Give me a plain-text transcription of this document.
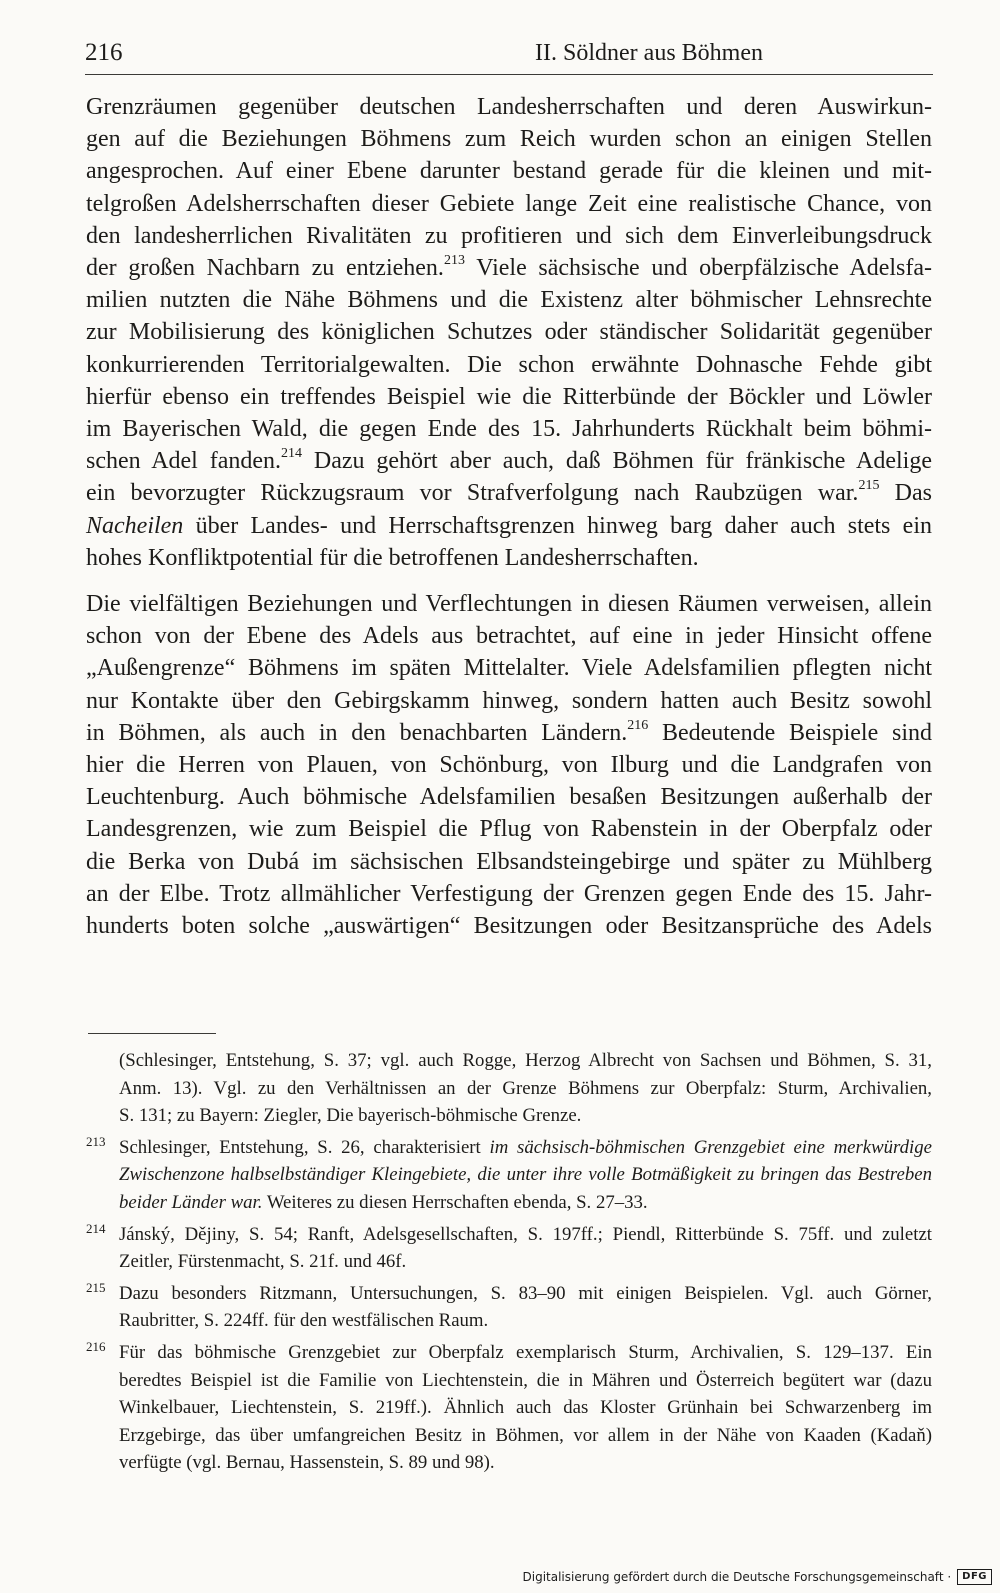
216	II. Söldner aus Böhmen

Grenzräumen gegenüber deutschen Landesherrschaften und deren Auswirkun-
gen auf die Beziehungen Böhmens zum Reich wurden schon an einigen Stellen
angesprochen. Auf einer Ebene darunter bestand gerade für die kleinen und mit-
telgroßen Adelsherrschaften dieser Gebiete lange Zeit eine realistische Chance, von
den landesherrlichen Rivalitäten zu profitieren und sich dem Einverleibungsdruck
der großen Nachbarn zu entziehen.$^{213}$ Viele sächsische und oberpfälzische Adelsfa-
milien nutzten die Nähe Böhmens und die Existenz alter böhmischer Lehnsrechte
zur Mobilisierung des königlichen Schutzes oder ständischer Solidarität gegenüber
konkurrierenden Territorialgewalten. Die schon erwähnte Dohnasche Fehde gibt
hierfür ebenso ein treffendes Beispiel wie die Ritterbünde der Böckler und Löwler
im Bayerischen Wald, die gegen Ende des 15. Jahrhunderts Rückhalt beim böhmi-
schen Adel fanden.$^{214}$ Dazu gehört aber auch, daß Böhmen für fränkische Adelige
ein bevorzugter Rückzugsraum vor Strafverfolgung nach Raubzügen war.$^{215}$ Das
Nacheilen über Landes- und Herrschaftsgrenzen hinweg barg daher auch stets ein
hohes Konfliktpotential für die betroffenen Landesherrschaften.

Die vielfältigen Beziehungen und Verflechtungen in diesen Räumen verweisen, allein
schon von der Ebene des Adels aus betrachtet, auf eine in jeder Hinsicht offene
„Außengrenze“ Böhmens im späten Mittelalter. Viele Adelsfamilien pflegten nicht
nur Kontakte über den Gebirgskamm hinweg, sondern hatten auch Besitz sowohl
in Böhmen, als auch in den benachbarten Ländern.$^{216}$ Bedeutende Beispiele sind
hier die Herren von Plauen, von Schönburg, von Ilburg und die Landgrafen von
Leuchtenburg. Auch böhmische Adelsfamilien besaßen Besitzungen außerhalb der
Landesgrenzen, wie zum Beispiel die Pflug von Rabenstein in der Oberpfalz oder
die Berka von Dubá im sächsischen Elbsandsteingebirge und später zu Mühlberg
an der Elbe. Trotz allmählicher Verfestigung der Grenzen gegen Ende des 15. Jahr-
hunderts boten solche „auswärtigen“ Besitzungen oder Besitzansprüche des Adels

(Schlesinger, Entstehung, S. 37; vgl. auch Rogge, Herzog Albrecht von Sachsen und Böhmen, S. 31,
Anm. 13). Vgl. zu den Verhältnissen an der Grenze Böhmens zur Oberpfalz: Sturm, Archivalien,
S. 131; zu Bayern: Ziegler, Die bayerisch-böhmische Grenze.
213 Schlesinger, Entstehung, S. 26, charakterisiert im sächsisch-böhmischen Grenzgebiet eine merkwürdige
Zwischenzone halbselbständiger Kleingebiete, die unter ihre volle Botmäßigkeit zu bringen das Bestreben
beider Länder war. Weiteres zu diesen Herrschaften ebenda, S. 27–33.
214 Jánský, Dějiny, S. 54; Ranft, Adelsgesellschaften, S. 197ff.; Piendl, Ritterbünde S. 75ff. und zuletzt
Zeitler, Fürstenmacht, S. 21f. und 46f.
215 Dazu besonders Ritzmann, Untersuchungen, S. 83–90 mit einigen Beispielen. Vgl. auch Görner,
Raubritter, S. 224ff. für den westfälischen Raum.
216 Für das böhmische Grenzgebiet zur Oberpfalz exemplarisch Sturm, Archivalien, S. 129–137. Ein
beredtes Beispiel ist die Familie von Liechtenstein, die in Mähren und Österreich begütert war (dazu
Winkelbauer, Liechtenstein, S. 219ff.). Ähnlich auch das Kloster Grünhain bei Schwarzenberg im
Erzgebirge, das über umfangreichen Besitz in Böhmen, vor allem in der Nähe von Kaaden (Kadaň)
verfügte (vgl. Bernau, Hassenstein, S. 89 und 98).
Digitalisierung gefördert durch die Deutsche Forschungsgemeinschaft ·	DFG
